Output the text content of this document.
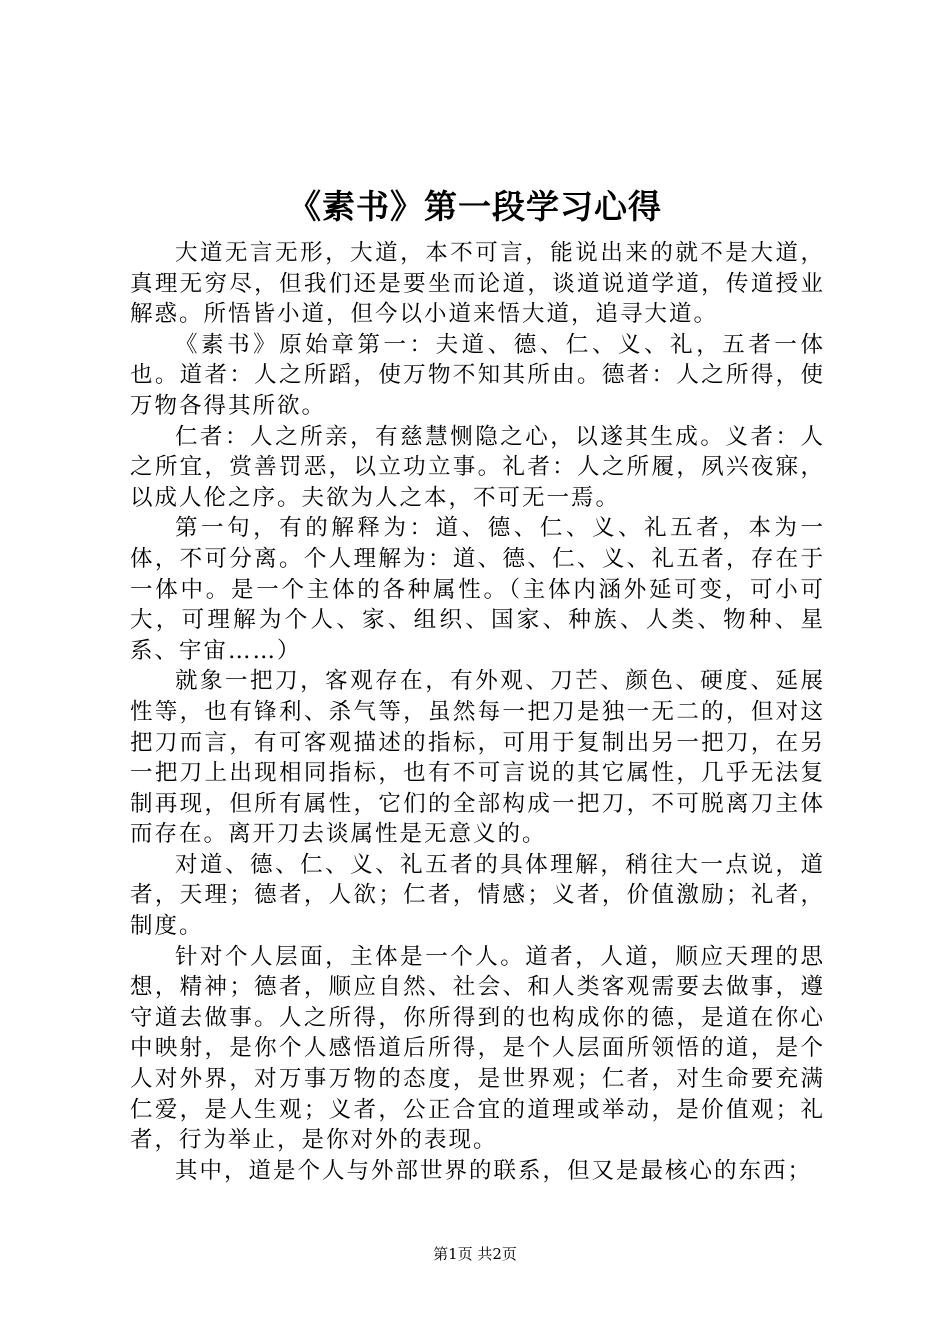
《素书》第一段学习心得

大道无言无形，大道，本不可言，能说出来的就不是大道，真理无穷尽，但我们还是要坐而论道，谈道说道学道，传道授业解惑。所悟皆小道，但今以小道来悟大道，追寻大道。

《素书》原始章第一：夫道、德、仁、义、礼，五者一体也。道者：人之所蹈，使万物不知其所由。德者：人之所得，使万物各得其所欲。

仁者：人之所亲，有慈慧恻隐之心，以遂其生成。义者：人之所宜，赏善罚恶，以立功立事。礼者：人之所履，夙兴夜寐，以成人伦之序。夫欲为人之本，不可无一焉。

第一句，有的解释为：道、德、仁、义、礼五者，本为一体，不可分离。个人理解为：道、德、仁、义、礼五者，存在于一体中。是一个主体的各种属性。（主体内涵外延可变，可小可大，可理解为个人、家、组织、国家、种族、人类、物种、星系、宇宙……）

就象一把刀，客观存在，有外观、刀芒、颜色、硬度、延展性等，也有锋利、杀气等，虽然每一把刀是独一无二的，但对这把刀而言，有可客观描述的指标，可用于复制出另一把刀，在另一把刀上出现相同指标，也有不可言说的其它属性，几乎无法复制再现，但所有属性，它们的全部构成一把刀，不可脱离刀主体而存在。离开刀去谈属性是无意义的。

对道、德、仁、义、礼五者的具体理解，稍往大一点说，道者，天理；德者，人欲；仁者，情感；义者，价值激励；礼者，制度。

针对个人层面，主体是一个人。道者，人道，顺应天理的思想，精神；德者，顺应自然、社会、和人类客观需要去做事，遵守道去做事。人之所得，你所得到的也构成你的德，是道在你心中映射，是你个人感悟道后所得，是个人层面所领悟的道，是个人对外界，对万事万物的态度，是世界观；仁者，对生命要充满仁爱，是人生观；义者，公正合宜的道理或举动，是价值观；礼者，行为举止，是你对外的表现。

其中，道是个人与外部世界的联系，但又是最核心的东西；

第1页 共2页
